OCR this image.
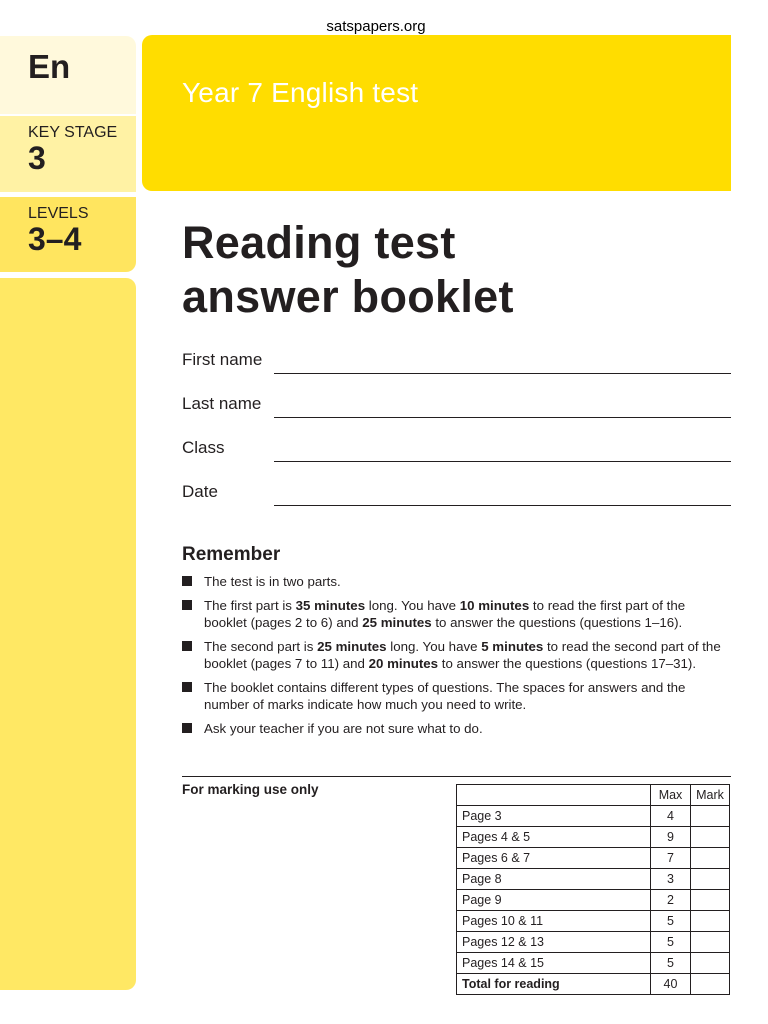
satspapers.org
En
KEY STAGE
3
LEVELS
3–4
Year 7 English test
Reading test
answer booklet
First name
Last name
Class
Date
Remember
The test is in two parts.
The first part is 35 minutes long. You have 10 minutes to read the first part of the booklet (pages 2 to 6) and 25 minutes to answer the questions (questions 1–16).
The second part is 25 minutes long. You have 5 minutes to read the second part of the booklet (pages 7 to 11) and 20 minutes to answer the questions (questions 17–31).
The booklet contains different types of questions. The spaces for answers and the number of marks indicate how much you need to write.
Ask your teacher if you are not sure what to do.
For marking use only
		Max	Mark
Page 3	4	
Pages 4 & 5	9	
Pages 6 & 7	7	
Page 8	3	
Page 9	2	
Pages 10 & 11	5	
Pages 12 & 13	5	
Pages 14 & 15	5	
Total for reading	40	
